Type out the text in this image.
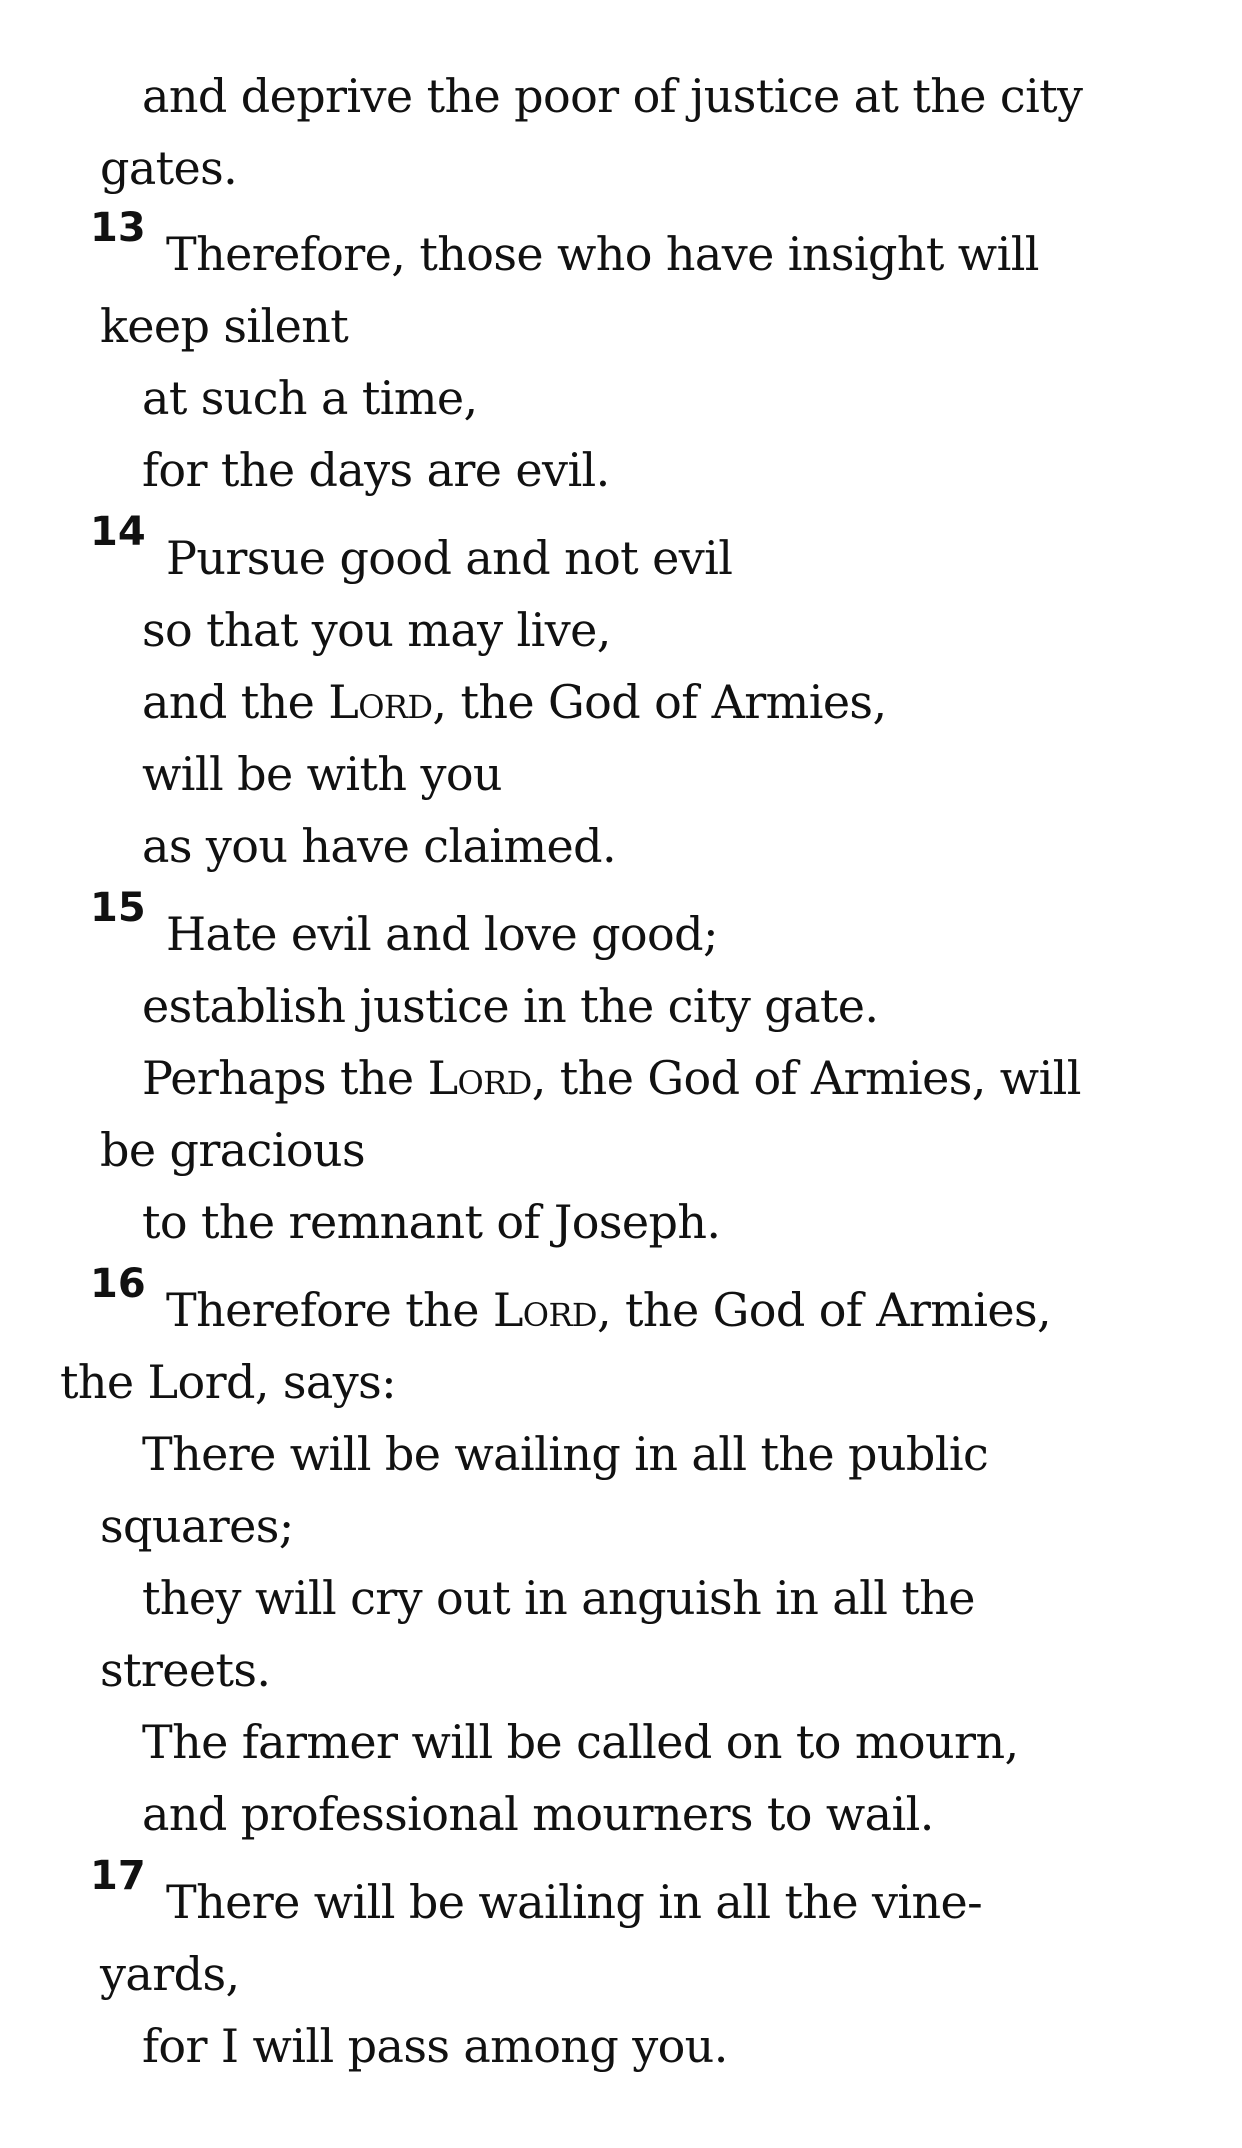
and deprive the poor of justice at the city
gates.
13 Therefore, those who have insight will
keep silent
at such a time,
for the days are evil.
14 Pursue good and not evil
so that you may live,
and the Lord, the God of Armies,
will be with you
as you have claimed.
15 Hate evil and love good;
establish justice in the city gate.
Perhaps the Lord, the God of Armies, will
be gracious
to the remnant of Joseph.
16 Therefore the Lord, the God of Armies,
the Lord, says:
There will be wailing in all the public
squares;
they will cry out in anguish in all the
streets.
The farmer will be called on to mourn,
and professional mourners to wail.
17 There will be wailing in all the vine-
yards,
for I will pass among you.
